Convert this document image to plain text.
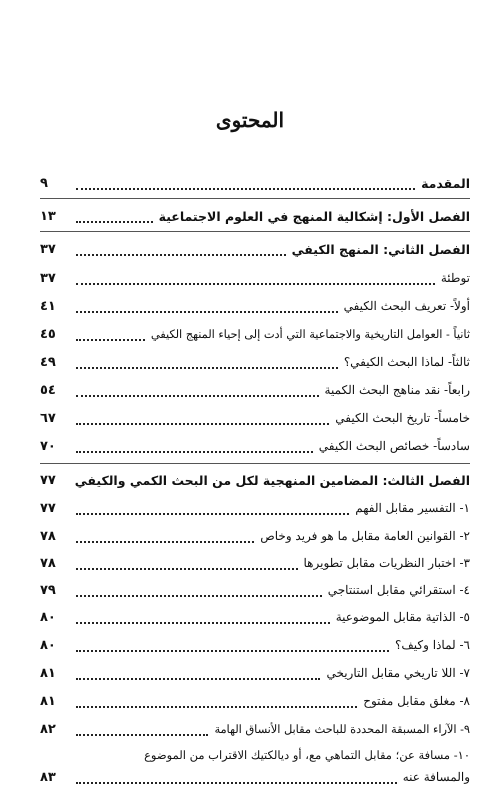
المحتوى
المقدمة
٩
الفصل الأول: إشكالية المنهج في العلوم الاجتماعية
١٣
الفصل الثاني: المنهج الكيفي
٣٧
توطئة
٣٧
أولاً- تعريف البحث الكيفي
٤١
ثانياً - العوامل التاريخية والاجتماعية التي أدت إلى إحياء المنهج الكيفي
٤٥
ثالثاً- لماذا البحث الكيفي؟
٤٩
رابعاً- نقد مناهج البحث الكمية
٥٤
خامساً- تاريخ البحث الكيفي
٦٧
سادساً- خصائص البحث الكيفي
٧٠
الفصل الثالث: المضامين المنهجية لكل من البحث الكمي والكيفي
٧٧
١- التفسير مقابل الفهم
٧٧
٢- القوانين العامة مقابل ما هو فريد وخاص
٧٨
٣- اختبار النظريات مقابل تطويرها
٧٨
٤- استقرائي مقابل استنتاجي
٧٩
٥- الذاتية مقابل الموضوعية
٨٠
٦- لماذا وكيف؟
٨٠
٧- اللا تاريخي مقابل التاريخي
٨١
٨- مغلق مقابل مفتوح
٨١
٩- الآراء المسبقة المحددة للباحث مقابل الأنساق الهامة
٨٢
١٠- مسافة عن؛ مقابل التماهي مع، أو ديالكتيك الاقتراب من الموضوع
والمسافة عنه
٨٣
